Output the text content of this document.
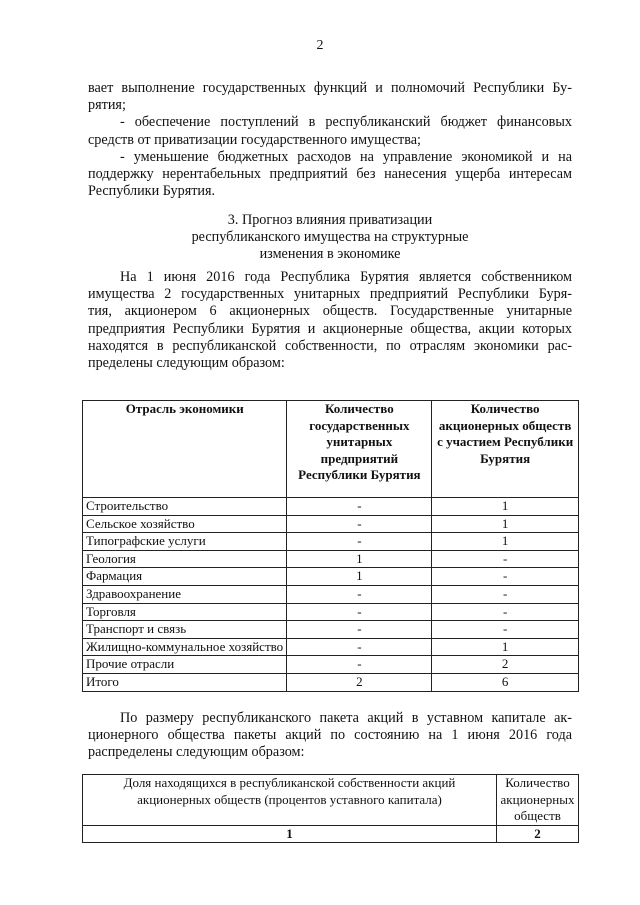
2
вает выполнение государственных функций и полномочий Республики Бу-
рятия;
- обеспечение поступлений в республиканский бюджет финансовых
средств от приватизации государственного имущества;
- уменьшение бюджетных расходов на управление экономикой и на
поддержку нерентабельных предприятий без нанесения ущерба интересам
Республики Бурятия.
3. Прогноз влияния приватизации
республиканского имущества на структурные
изменения в экономике
На 1 июня 2016 года Республика Бурятия является собственником
имущества 2 государственных унитарных предприятий Республики Буря-
тия, акционером 6 акционерных обществ. Государственные унитарные
предприятия Республики Бурятия и акционерные общества, акции которых
находятся в республиканской собственности, по отраслям экономики рас-
пределены следующим образом:
Отрасль экономики	Количество государственных унитарных предприятий Республики Бурятия	Количество акционерных обществ с участием Республики Бурятия
Строительство	-	1
Сельское хозяйство	-	1
Типографские услуги	-	1
Геология	1	-
Фармация	1	-
Здравоохранение	-	-
Торговля	-	-
Транспорт и связь	-	-
Жилищно-коммунальное хозяйство	-	1
Прочие отрасли	-	2
Итого	2	6
По размеру республиканского пакета акций в уставном капитале ак-
ционерного общества пакеты акций по состоянию на 1 июня 2016 года
распределены следующим образом:
Доля находящихся в республиканской собственности акций акционерных обществ (процентов уставного капитала)	Количество акционерных обществ
1	2
